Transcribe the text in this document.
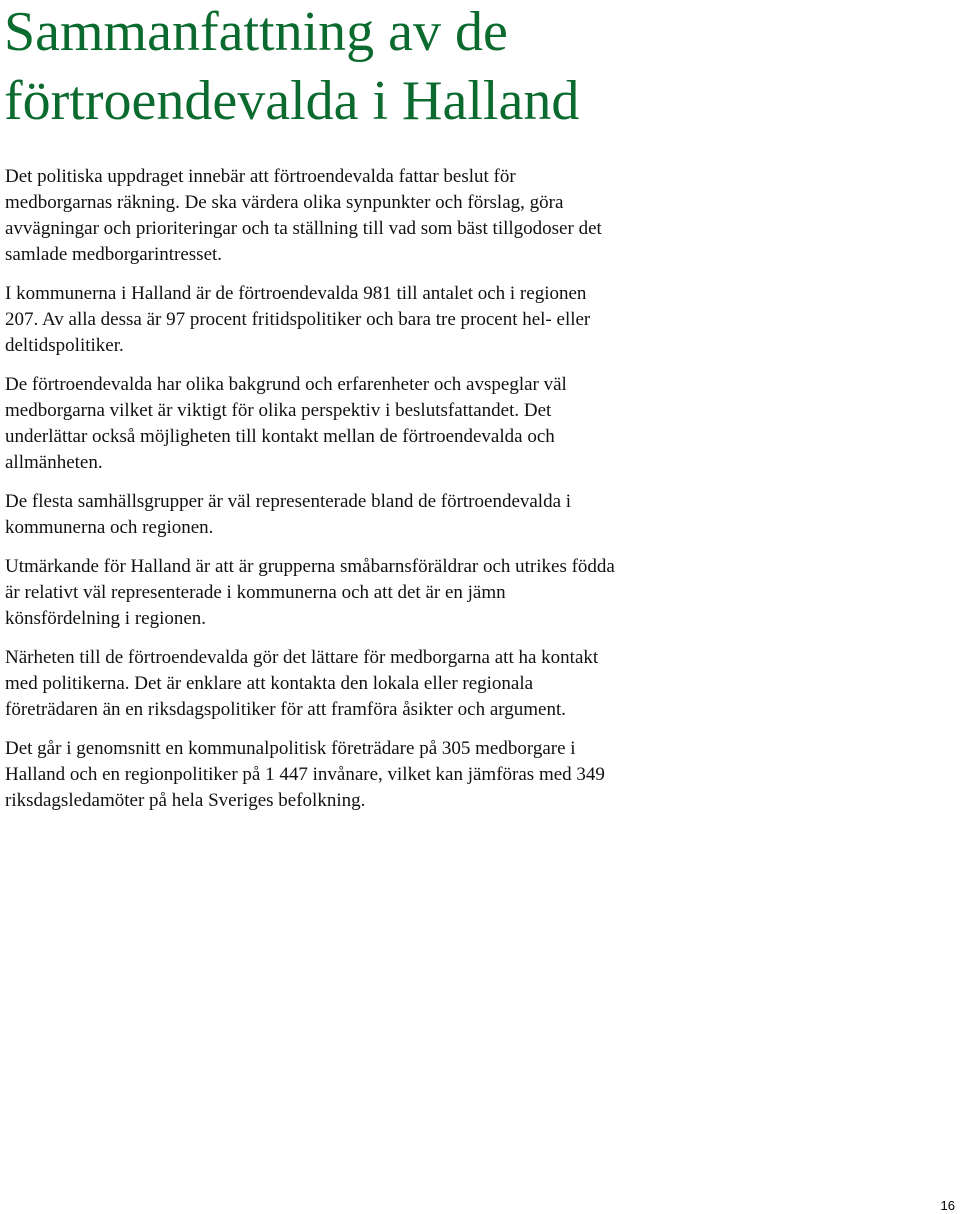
Sammanfattning av de
förtroendevalda i Halland

Det politiska uppdraget innebär att förtroendevalda fattar beslut för
medborgarnas räkning. De ska värdera olika synpunkter och förslag, göra
avvägningar och prioriteringar och ta ställning till vad som bäst tillgodoser det
samlade medborgarintresset.

I kommunerna i Halland är de förtroendevalda 981 till antalet och i regionen
207. Av alla dessa är 97 procent fritidspolitiker och bara tre procent hel- eller
deltidspolitiker.

De förtroendevalda har olika bakgrund och erfarenheter och avspeglar väl
medborgarna vilket är viktigt för olika perspektiv i beslutsfattandet. Det
underlättar också möjligheten till kontakt mellan de förtroendevalda och
allmänheten.

De flesta samhällsgrupper är väl representerade bland de förtroendevalda i
kommunerna och regionen.

Utmärkande för Halland är att är grupperna småbarnsföräldrar och utrikes födda
är relativt väl representerade i kommunerna och att det är en jämn
könsfördelning i regionen.

Närheten till de förtroendevalda gör det lättare för medborgarna att ha kontakt
med politikerna. Det är enklare att kontakta den lokala eller regionala
företrädaren än en riksdagspolitiker för att framföra åsikter och argument.

Det går i genomsnitt en kommunalpolitisk företrädare på 305 medborgare i
Halland och en regionpolitiker på 1 447 invånare, vilket kan jämföras med 349
riksdagsledamöter på hela Sveriges befolkning.

16
